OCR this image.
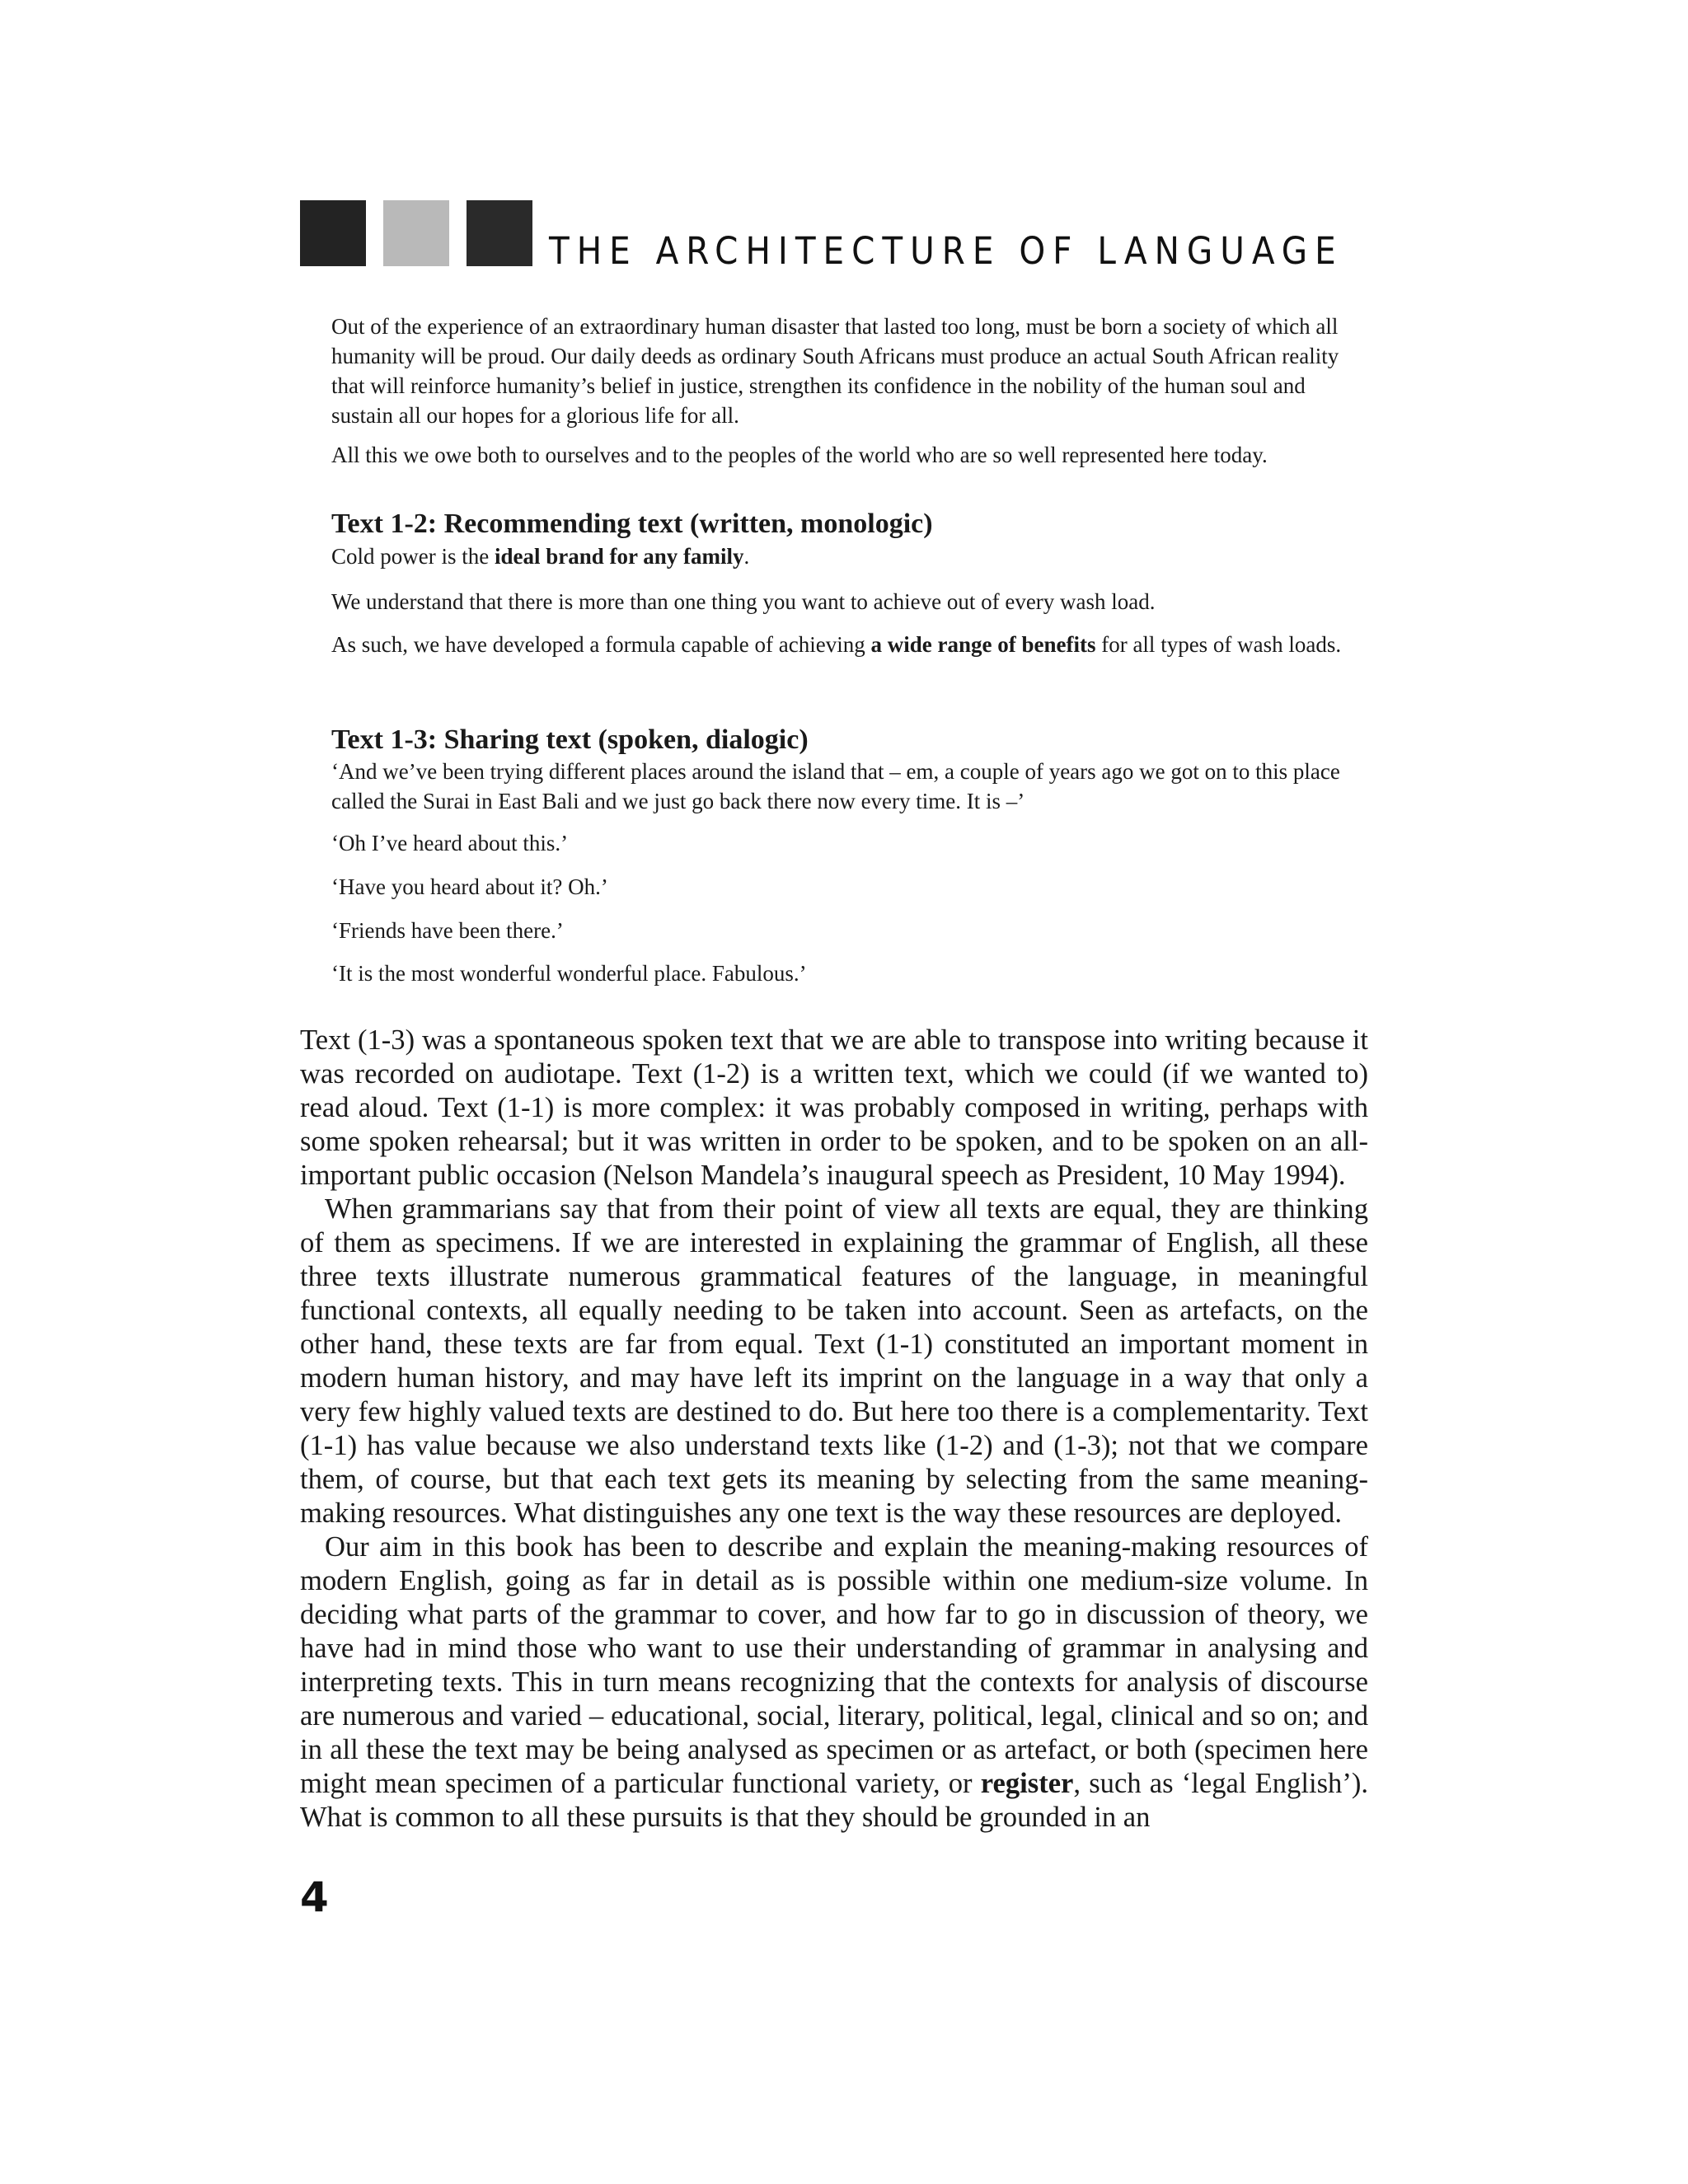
THE ARCHITECTURE OF LANGUAGE

Out of the experience of an extraordinary human disaster that lasted too long, must be born a society of which all humanity will be proud. Our daily deeds as ordinary South Africans must produce an actual South African reality that will reinforce humanity’s belief in justice, strengthen its confidence in the nobility of the human soul and sustain all our hopes for a glorious life for all.

All this we owe both to ourselves and to the peoples of the world who are so well represented here today.

Text 1-2: Recommending text (written, monologic)

Cold power is the ideal brand for any family.

We understand that there is more than one thing you want to achieve out of every wash load.

As such, we have developed a formula capable of achieving a wide range of benefits for all types of wash loads.

Text 1-3: Sharing text (spoken, dialogic)

‘And we’ve been trying different places around the island that – em, a couple of years ago we got on to this place called the Surai in East Bali and we just go back there now every time. It is –’

‘Oh I’ve heard about this.’

‘Have you heard about it? Oh.’

‘Friends have been there.’

‘It is the most wonderful wonderful place. Fabulous.’

Text (1-3) was a spontaneous spoken text that we are able to transpose into writing because it was recorded on audiotape. Text (1-2) is a written text, which we could (if we wanted to) read aloud. Text (1-1) is more complex: it was probably composed in writing, perhaps with some spoken rehearsal; but it was written in order to be spoken, and to be spoken on an all-important public occasion (Nelson Mandela’s inaugural speech as President, 10 May 1994).

When grammarians say that from their point of view all texts are equal, they are thinking of them as specimens. If we are interested in explaining the grammar of English, all these three texts illustrate numerous grammatical features of the language, in meaningful functional contexts, all equally needing to be taken into account. Seen as artefacts, on the other hand, these texts are far from equal. Text (1-1) constituted an important moment in modern human history, and may have left its imprint on the language in a way that only a very few highly valued texts are destined to do. But here too there is a complementarity. Text (1-1) has value because we also understand texts like (1-2) and (1-3); not that we compare them, of course, but that each text gets its meaning by selecting from the same meaning-making resources. What distinguishes any one text is the way these resources are deployed.

Our aim in this book has been to describe and explain the meaning-making resources of modern English, going as far in detail as is possible within one medium-size volume. In deciding what parts of the grammar to cover, and how far to go in discussion of theory, we have had in mind those who want to use their understanding of grammar in analysing and interpreting texts. This in turn means recognizing that the contexts for analysis of discourse are numerous and varied – educational, social, literary, political, legal, clinical and so on; and in all these the text may be being analysed as specimen or as artefact, or both (specimen here might mean specimen of a particular functional variety, or register, such as ‘legal English’). What is common to all these pursuits is that they should be grounded in an

4
